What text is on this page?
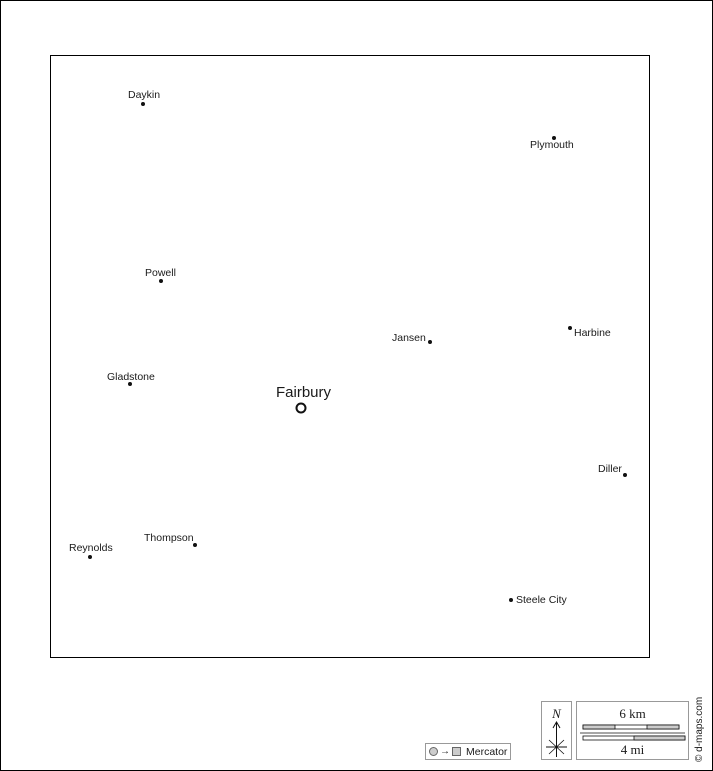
Daykin
Plymouth
Powell
Jansen	Harbine
Gladstone
Diller
Thompson
Reynolds
Steele City
Fairbury
→ Mercator
N	6 km
4 mi	© d-maps.com
